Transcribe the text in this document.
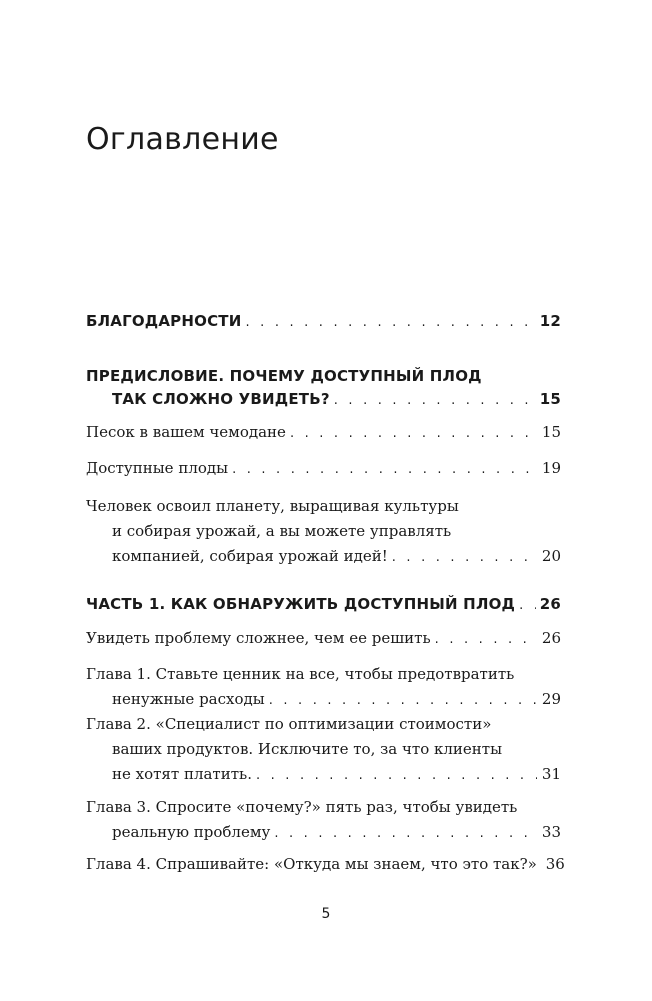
Оглавление
БЛАГОДАРНОСТИ . . .	12
ПРЕДИСЛОВИЕ. ПОЧЕМУ ДОСТУПНЫЙ ПЛОД
ТАК СЛОЖНО УВИДЕТЬ? . . .	15
Песок в вашем чемодане . . .	15
Доступные плоды . . .	19
Человек освоил планету, выращивая культуры
и собирая урожай, а вы можете управлять
компанией, собирая урожай идей! . . .	20
ЧАСТЬ 1. КАК ОБНАРУЖИТЬ ДОСТУПНЫЙ ПЛОД . . . 26
Увидеть проблему сложнее, чем ее решить . . .	26
Глава 1. Ставьте ценник на все, чтобы предотвратить
ненужные расходы . . .	29
Глава 2. «Специалист по оптимизации стоимости»
ваших продуктов. Исключите то, за что клиенты
не хотят платить. . . .	31
Глава 3. Спросите «почему?» пять раз, чтобы увидеть
реальную проблему . . .	33
Глава 4. Спрашивайте: «Откуда мы знаем, что это так?» 36
5
